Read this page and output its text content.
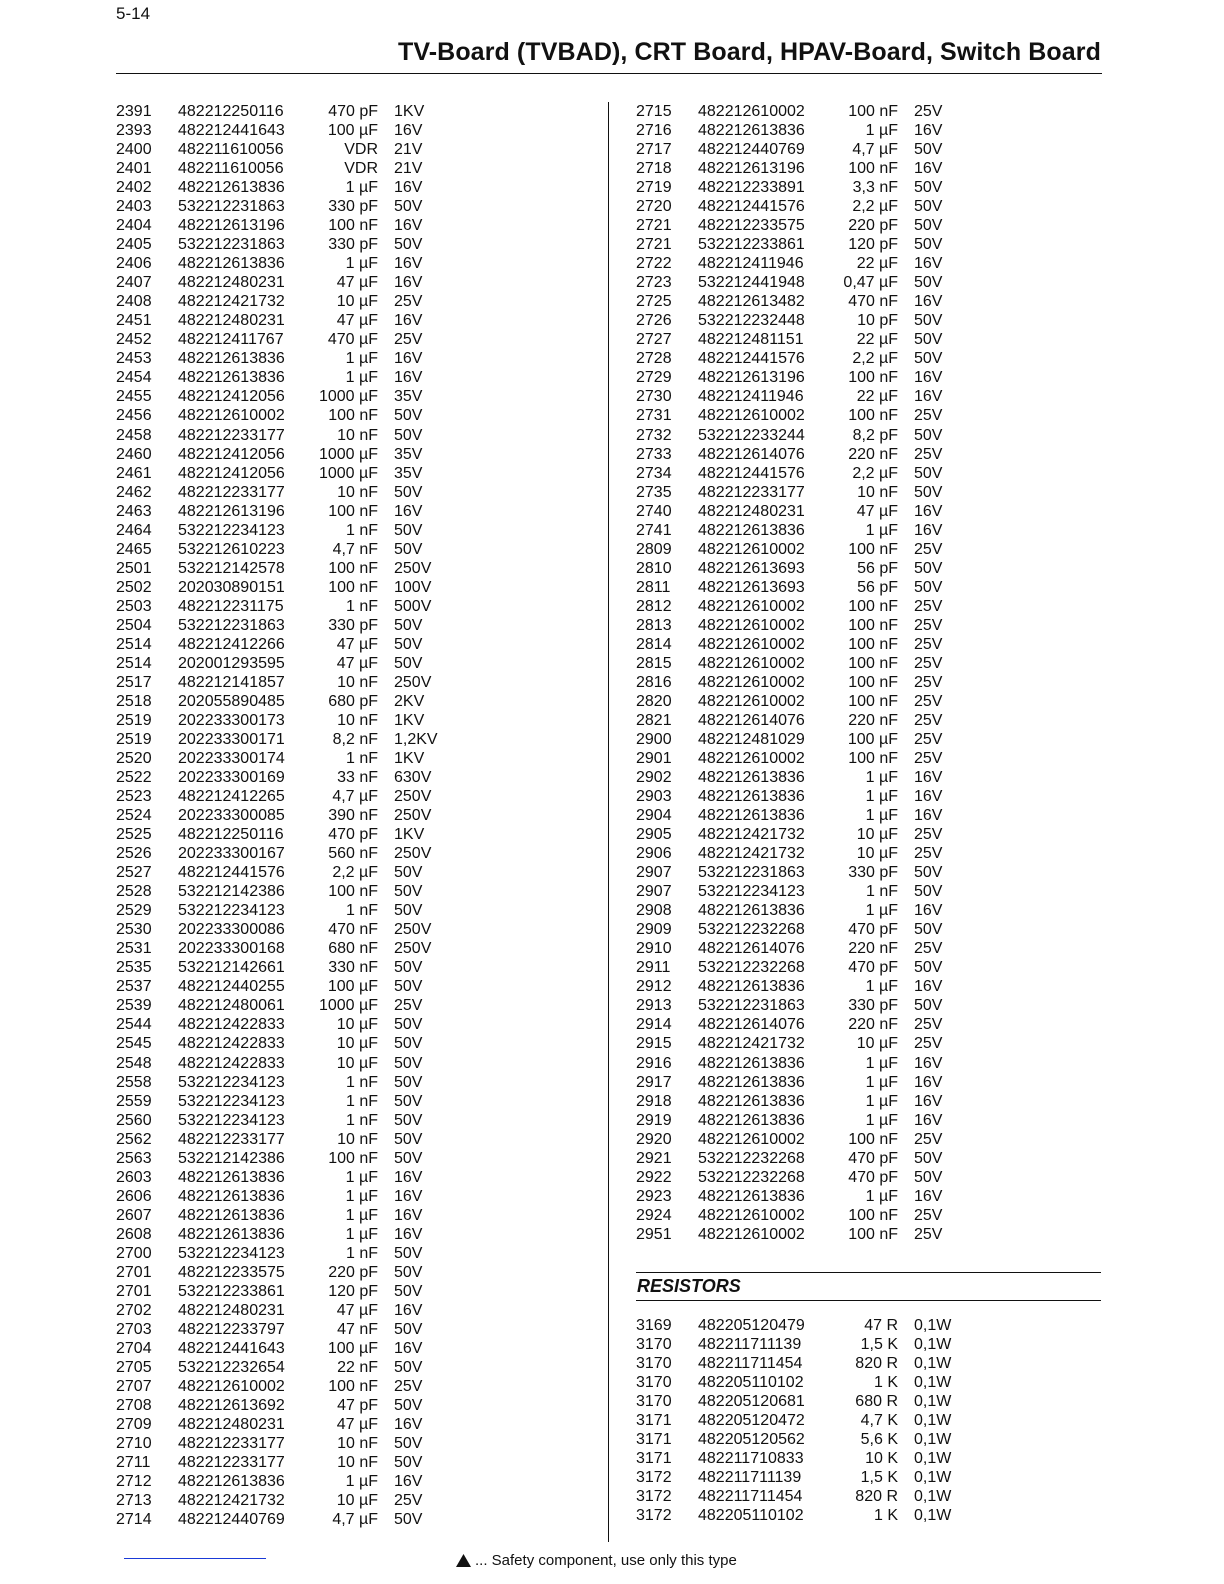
5-14
TV-Board (TVBAD), CRT Board, HPAV-Board, Switch Board
2391	482212250116	470 pF 1KV
2393	482212441643	100 µF 16V
2400	482211610056	VDR 21V
2401	482211610056	VDR 21V
2402	482212613836	1 µF 16V
2403	532212231863	330 pF 50V
2404	482212613196	100 nF 16V
2405	532212231863	330 pF 50V
2406	482212613836	1 µF 16V
2407	482212480231	47 µF 16V
2408	482212421732	10 µF 25V
2451	482212480231	47 µF 16V
2452	482212411767	470 µF 25V
2453	482212613836	1 µF 16V
2454	482212613836	1 µF 16V
2455	482212412056	1000 µF 35V
2456	482212610002	100 nF 50V
2458	482212233177	10 nF 50V
2460	482212412056	1000 µF 35V
2461	482212412056	1000 µF 35V
2462	482212233177	10 nF 50V
2463	482212613196	100 nF 16V
2464	532212234123	1 nF 50V
2465	532212610223	4,7 nF 50V
2501	532212142578	100 nF 250V
2502	202030890151	100 nF 100V
2503	482212231175	1 nF 500V
2504	532212231863	330 pF 50V
2514	482212412266	47 µF 50V
2514	202001293595	47 µF 50V
2517	482212141857	10 nF 250V
2518	202055890485	680 pF 2KV
2519	202233300173	10 nF 1KV
2519	202233300171	8,2 nF 1,2KV
2520	202233300174	1 nF 1KV
2522	202233300169	33 nF 630V
2523	482212412265	4,7 µF 250V
2524	202233300085	390 nF 250V
2525	482212250116	470 pF 1KV
2526	202233300167	560 nF 250V
2527	482212441576	2,2 µF 50V
2528	532212142386	100 nF 50V
2529	532212234123	1 nF 50V
2530	202233300086	470 nF 250V
2531	202233300168	680 nF 250V
2535	532212142661	330 nF 50V
2537	482212440255	100 µF 50V
2539	482212480061	1000 µF 25V
2544	482212422833	10 µF 50V
2545	482212422833	10 µF 50V
2548	482212422833	10 µF 50V
2558	532212234123	1 nF 50V
2559	532212234123	1 nF 50V
2560	532212234123	1 nF 50V
2562	482212233177	10 nF 50V
2563	532212142386	100 nF 50V
2603	482212613836	1 µF 16V
2606	482212613836	1 µF 16V
2607	482212613836	1 µF 16V
2608	482212613836	1 µF 16V
2700	532212234123	1 nF 50V
2701	482212233575	220 pF 50V
2701	532212233861	120 pF 50V
2702	482212480231	47 µF 16V
2703	482212233797	47 nF 50V
2704	482212441643	100 µF 16V
2705	532212232654	22 nF 50V
2707	482212610002	100 nF 25V
2708	482212613692	47 pF 50V
2709	482212480231	47 µF 16V
2710	482212233177	10 nF 50V
2711	482212233177	10 nF 50V
2712	482212613836	1 µF 16V
2713	482212421732	10 µF 25V
2714	482212440769	4,7 µF 50V
2715	482212610002	100 nF 25V
2716	482212613836	1 µF 16V
2717	482212440769	4,7 µF 50V
2718	482212613196	100 nF 16V
2719	482212233891	3,3 nF 50V
2720	482212441576	2,2 µF 50V
2721	482212233575	220 pF 50V
2721	532212233861	120 pF 50V
2722	482212411946	22 µF 16V
2723	532212441948	0,47 µF 50V
2725	482212613482	470 nF 16V
2726	532212232448	10 pF 50V
2727	482212481151	22 µF 50V
2728	482212441576	2,2 µF 50V
2729	482212613196	100 nF 16V
2730	482212411946	22 µF 16V
2731	482212610002	100 nF 25V
2732	532212233244	8,2 pF 50V
2733	482212614076	220 nF 25V
2734	482212441576	2,2 µF 50V
2735	482212233177	10 nF 50V
2740	482212480231	47 µF 16V
2741	482212613836	1 µF 16V
2809	482212610002	100 nF 25V
2810	482212613693	56 pF 50V
2811	482212613693	56 pF 50V
2812	482212610002	100 nF 25V
2813	482212610002	100 nF 25V
2814	482212610002	100 nF 25V
2815	482212610002	100 nF 25V
2816	482212610002	100 nF 25V
2820	482212610002	100 nF 25V
2821	482212614076	220 nF 25V
2900	482212481029	100 µF 25V
2901	482212610002	100 nF 25V
2902	482212613836	1 µF 16V
2903	482212613836	1 µF 16V
2904	482212613836	1 µF 16V
2905	482212421732	10 µF 25V
2906	482212421732	10 µF 25V
2907	532212231863	330 pF 50V
2907	532212234123	1 nF 50V
2908	482212613836	1 µF 16V
2909	532212232268	470 pF 50V
2910	482212614076	220 nF 25V
2911	532212232268	470 pF 50V
2912	482212613836	1 µF 16V
2913	532212231863	330 pF 50V
2914	482212614076	220 nF 25V
2915	482212421732	10 µF 25V
2916	482212613836	1 µF 16V
2917	482212613836	1 µF 16V
2918	482212613836	1 µF 16V
2919	482212613836	1 µF 16V
2920	482212610002	100 nF 25V
2921	532212232268	470 pF 50V
2922	532212232268	470 pF 50V
2923	482212613836	1 µF 16V
2924	482212610002	100 nF 25V
2951	482212610002	100 nF 25V
RESISTORS
3169	482205120479	47 R 0,1W
3170	482211711139	1,5 K 0,1W
3170	482211711454	820 R 0,1W
3170	482205110102	1 K 0,1W
3170	482205120681	680 R 0,1W
3171	482205120472	4,7 K 0,1W
3171	482205120562	5,6 K 0,1W
3171	482211710833	10 K 0,1W
3172	482211711139	1,5 K 0,1W
3172	482211711454	820 R 0,1W
3172	482205110102	1 K 0,1W
... Safety component, use only this type
